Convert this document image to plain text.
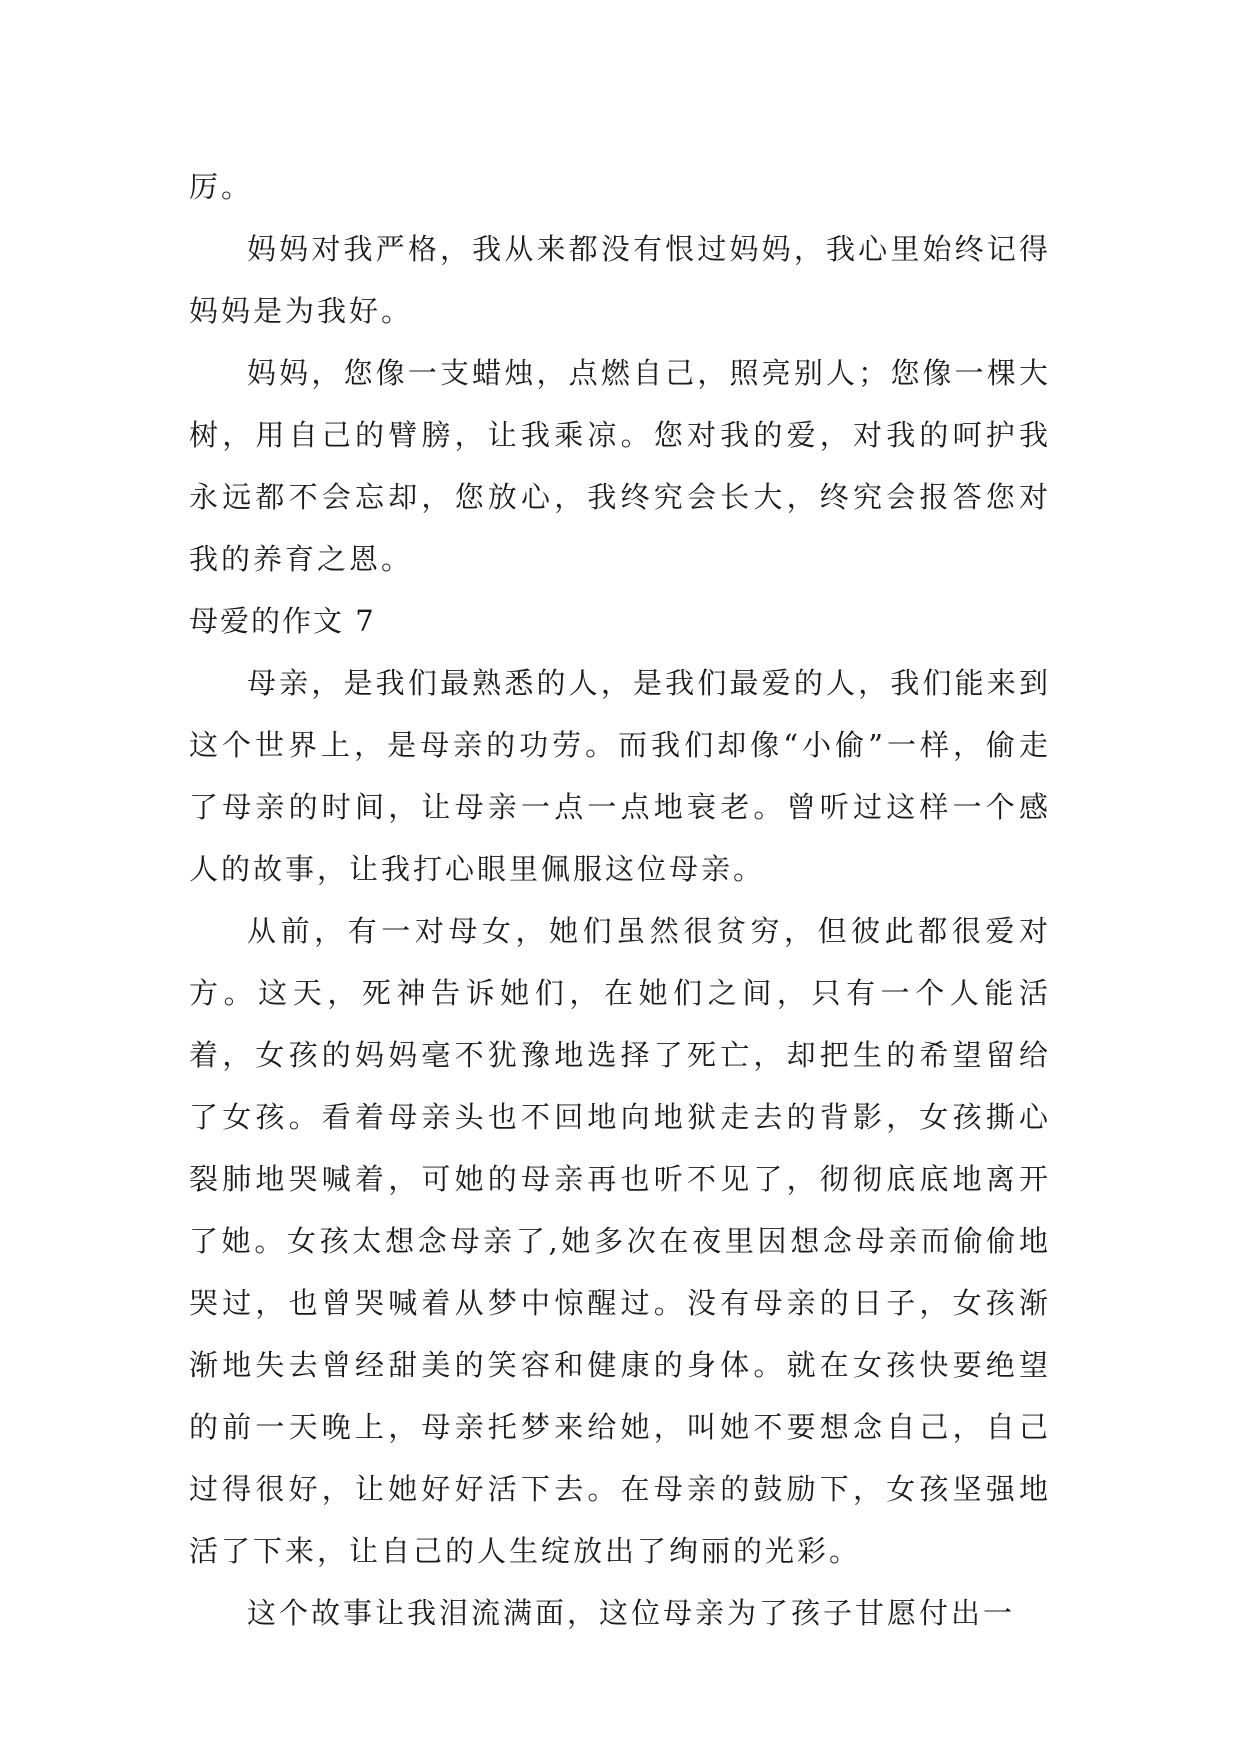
厉。

妈妈对我严格，我从来都没有恨过妈妈，我心里始终记得妈妈是为我好。

妈妈，您像一支蜡烛，点燃自己，照亮别人；您像一棵大树，用自己的臂膀，让我乘凉。您对我的爱，对我的呵护我永远都不会忘却，您放心，我终究会长大，终究会报答您对我的养育之恩。

母爱的作文 7

母亲，是我们最熟悉的人，是我们最爱的人，我们能来到这个世界上，是母亲的功劳。而我们却像“小偷”一样，偷走了母亲的时间，让母亲一点一点地衰老。曾听过这样一个感人的故事，让我打心眼里佩服这位母亲。

从前，有一对母女，她们虽然很贫穷，但彼此都很爱对方。这天，死神告诉她们，在她们之间，只有一个人能活着，女孩的妈妈毫不犹豫地选择了死亡，却把生的希望留给了女孩。看着母亲头也不回地向地狱走去的背影，女孩撕心裂肺地哭喊着，可她的母亲再也听不见了，彻彻底底地离开了她。女孩太想念母亲了,她多次在夜里因想念母亲而偷偷地哭过，也曾哭喊着从梦中惊醒过。没有母亲的日子，女孩渐渐地失去曾经甜美的笑容和健康的身体。就在女孩快要绝望的前一天晚上，母亲托梦来给她，叫她不要想念自己，自己过得很好，让她好好活下去。在母亲的鼓励下，女孩坚强地活了下来，让自己的人生绽放出了绚丽的光彩。

这个故事让我泪流满面，这位母亲为了孩子甘愿付出一
